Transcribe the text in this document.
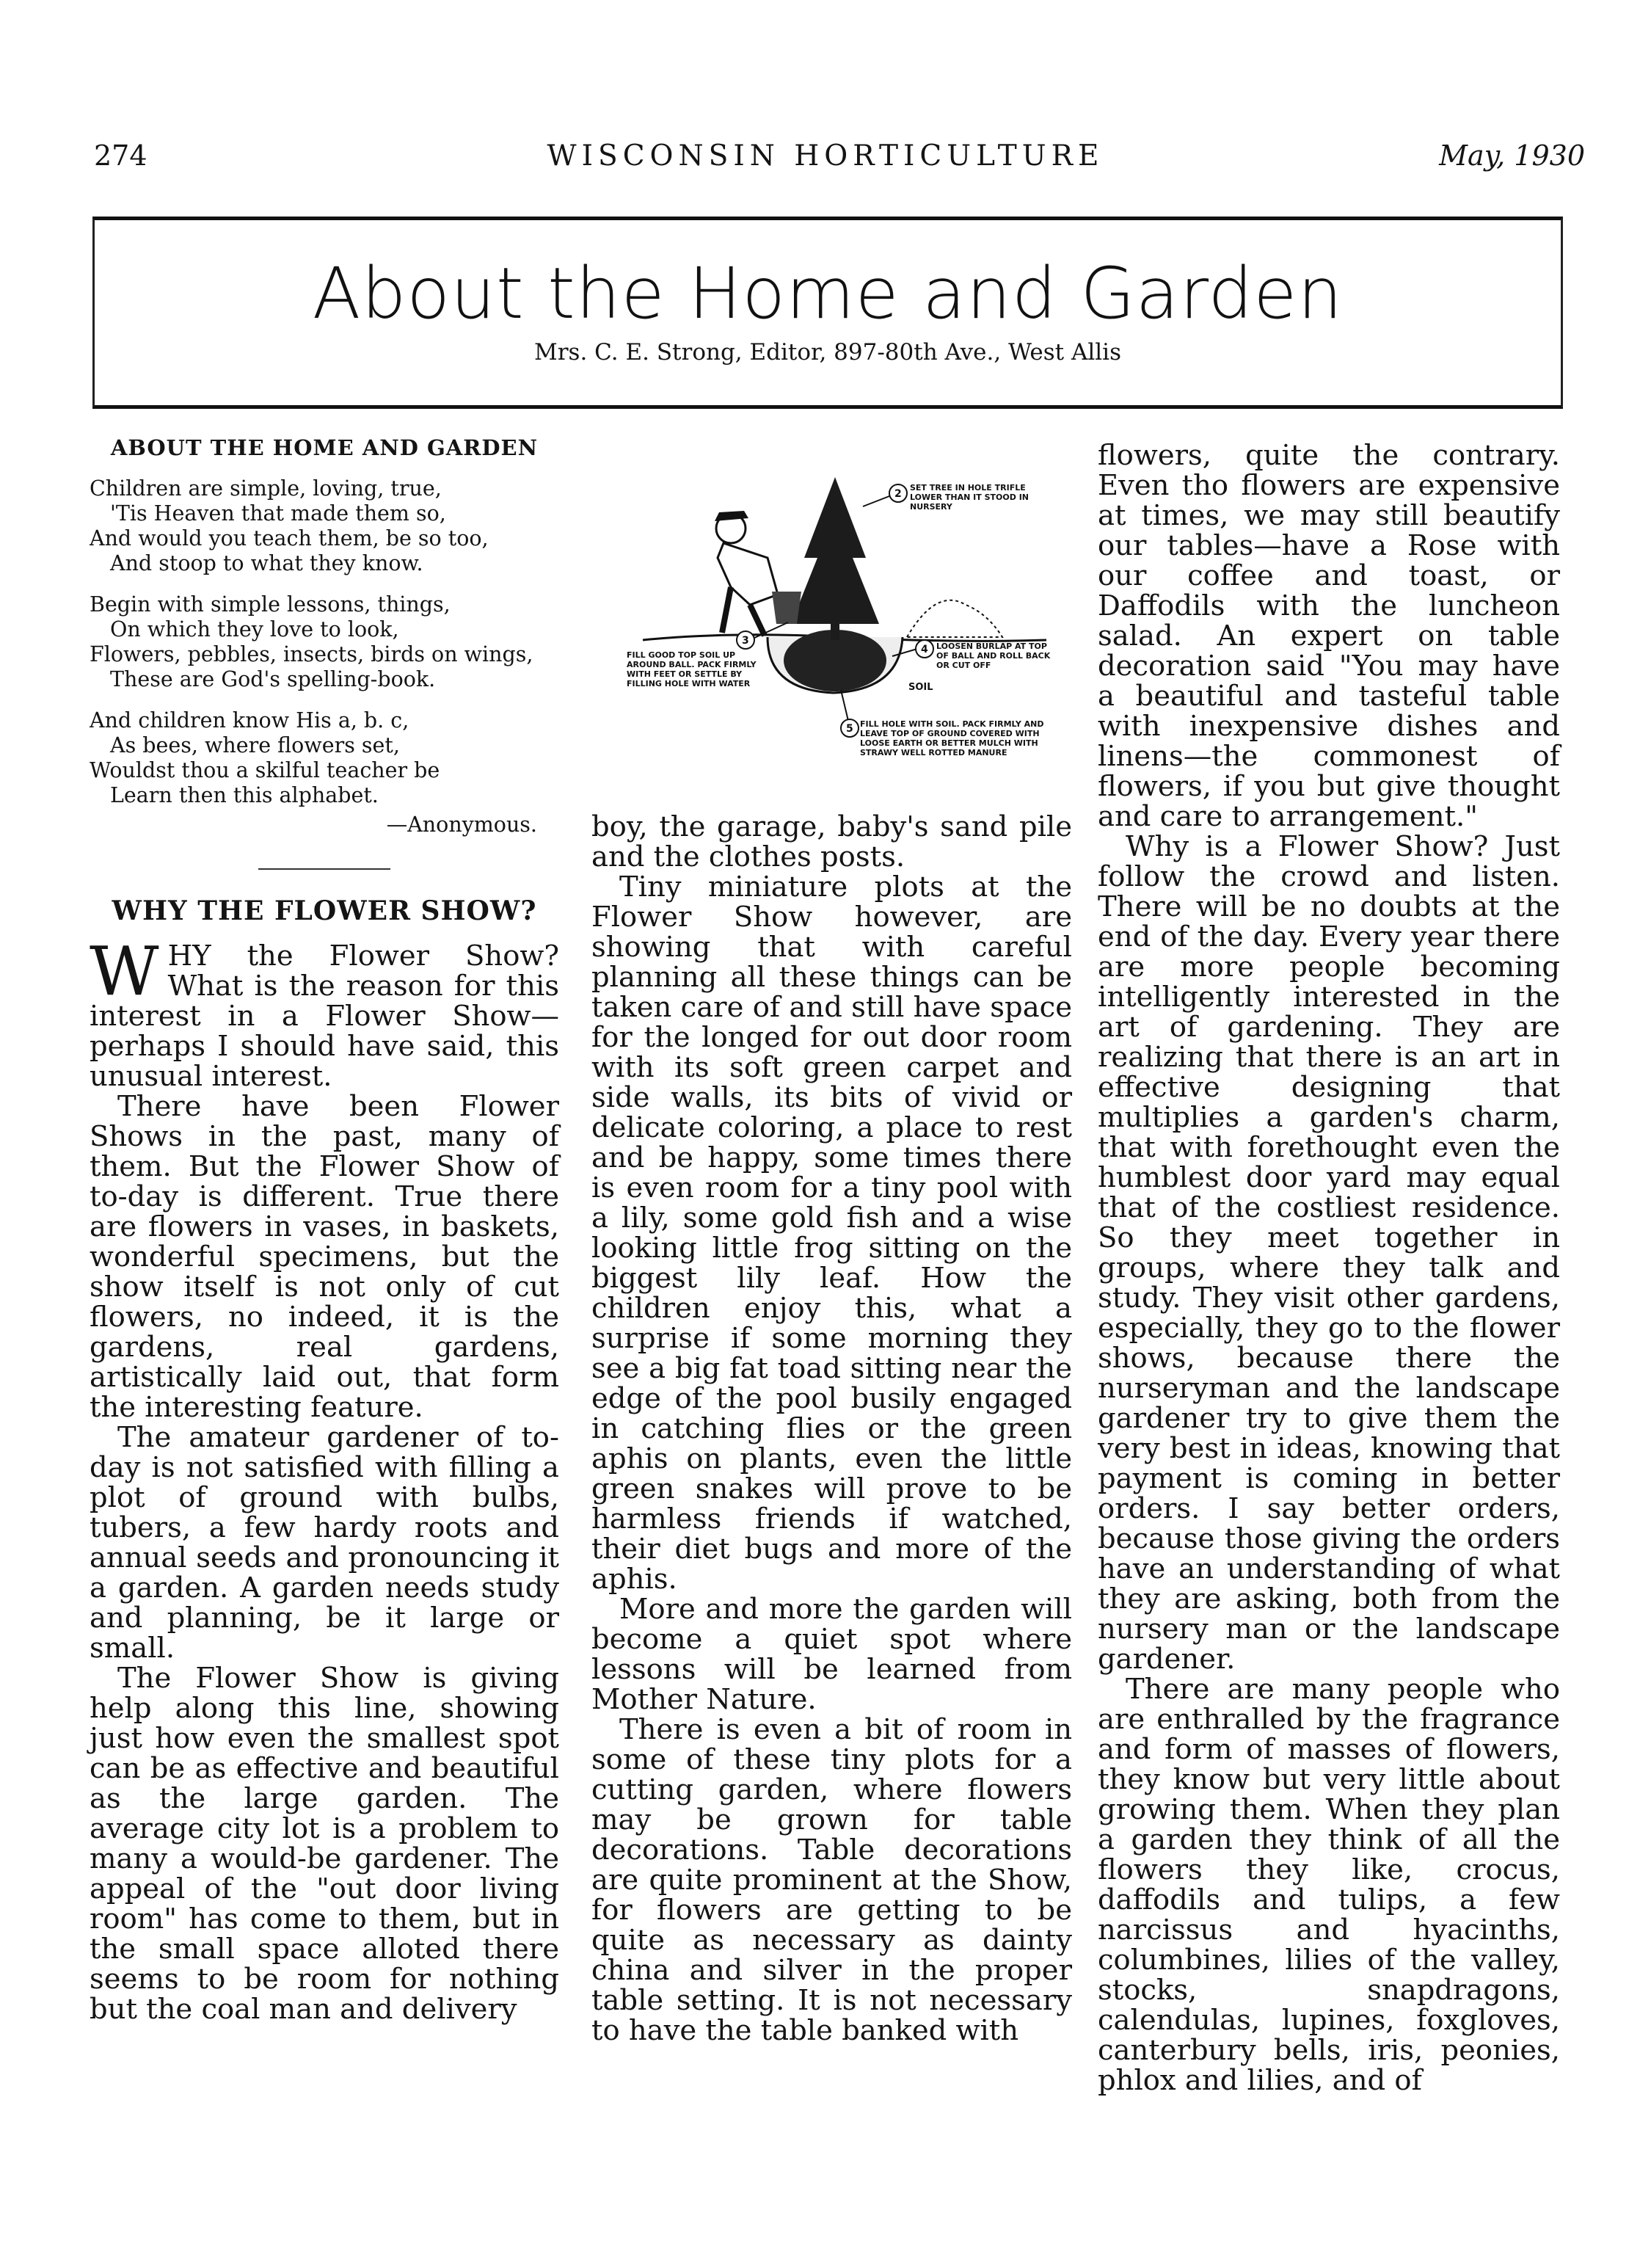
274	WISCONSIN HORTICULTURE	May, 1930
About the Home and Garden
Mrs. C. E. Strong, Editor, 897-80th Ave., West Allis
ABOUT THE HOME AND GARDEN
Children are simple, loving, true,
'Tis Heaven that made them so,
And would you teach them, be so too,
And stoop to what they know.
Begin with simple lessons, things,
On which they love to look,
Flowers, pebbles, insects, birds on wings,
These are God's spelling-book.
And children know His a, b. c,
As bees, where flowers set,
Wouldst thou a skilful teacher be
Learn then this alphabet.
—Anonymous.
WHY THE FLOWER SHOW?

WHY the Flower Show? What is the reason for this interest in a Flower Show—perhaps I should have said, this unusual interest.

There have been Flower Shows in the past, many of them. But the Flower Show of to-day is different. True there are flowers in vases, in baskets, wonderful specimens, but the show itself is not only of cut flowers, no indeed, it is the gardens, real gardens, artistically laid out, that form the interesting feature.

The amateur gardener of to-day is not satisfied with filling a plot of ground with bulbs, tubers, a few hardy roots and annual seeds and pronouncing it a garden. A garden needs study and planning, be it large or small.

The Flower Show is giving help along this line, showing just how even the smallest spot can be as effective and beautiful as the large garden. The average city lot is a problem to many a would-be gardener. The appeal of the "out door living room" has come to them, but in the small space alloted there seems to be room for nothing but the coal man and delivery

SET TREE IN HOLE TRIFLE LOWER THAN IT STOOD IN NURSERY
FILL GOOD TOP SOIL UP AROUND BALL. PACK FIRMLY WITH FEET OR SETTLE BY FILLING HOLE WITH WATER
LOOSEN BURLAP AT TOP OF BALL AND ROLL BACK OR CUT OFF
FILL HOLE WITH SOIL. PACK FIRMLY AND LEAVE TOP OF GROUND COVERED WITH LOOSE EARTH OR BETTER MULCH WITH STRAWY WELL ROTTED MANURE
SOIL
2
3
4
5

boy, the garage, baby's sand pile and the clothes posts.

Tiny miniature plots at the Flower Show however, are showing that with careful planning all these things can be taken care of and still have space for the longed for out door room with its soft green carpet and side walls, its bits of vivid or delicate coloring, a place to rest and be happy, some times there is even room for a tiny pool with a lily, some gold fish and a wise looking little frog sitting on the biggest lily leaf. How the children enjoy this, what a surprise if some morning they see a big fat toad sitting near the edge of the pool busily engaged in catching flies or the green aphis on plants, even the little green snakes will prove to be harmless friends if watched, their diet bugs and more of the aphis.

More and more the garden will become a quiet spot where lessons will be learned from Mother Nature.

There is even a bit of room in some of these tiny plots for a cutting garden, where flowers may be grown for table decorations. Table decorations are quite prominent at the Show, for flowers are getting to be quite as necessary as dainty china and silver in the proper table setting. It is not necessary to have the table banked with

flowers, quite the contrary. Even tho flowers are expensive at times, we may still beautify our tables—have a Rose with our coffee and toast, or Daffodils with the luncheon salad. An expert on table decoration said "You may have a beautiful and tasteful table with inexpensive dishes and linens—the commonest of flowers, if you but give thought and care to arrangement."

Why is a Flower Show? Just follow the crowd and listen. There will be no doubts at the end of the day. Every year there are more people becoming intelligently interested in the art of gardening. They are realizing that there is an art in effective designing that multiplies a garden's charm, that with forethought even the humblest door yard may equal that of the costliest residence. So they meet together in groups, where they talk and study. They visit other gardens, especially, they go to the flower shows, because there the nurseryman and the landscape gardener try to give them the very best in ideas, knowing that payment is coming in better orders. I say better orders, because those giving the orders have an understanding of what they are asking, both from the nursery man or the landscape gardener.

There are many people who are enthralled by the fragrance and form of masses of flowers, they know but very little about growing them. When they plan a garden they think of all the flowers they like, crocus, daffodils and tulips, a few narcissus and hyacinths, columbines, lilies of the valley, stocks, snapdragons, calendulas, lupines, foxgloves, canterbury bells, iris, peonies, phlox and lilies, and of
